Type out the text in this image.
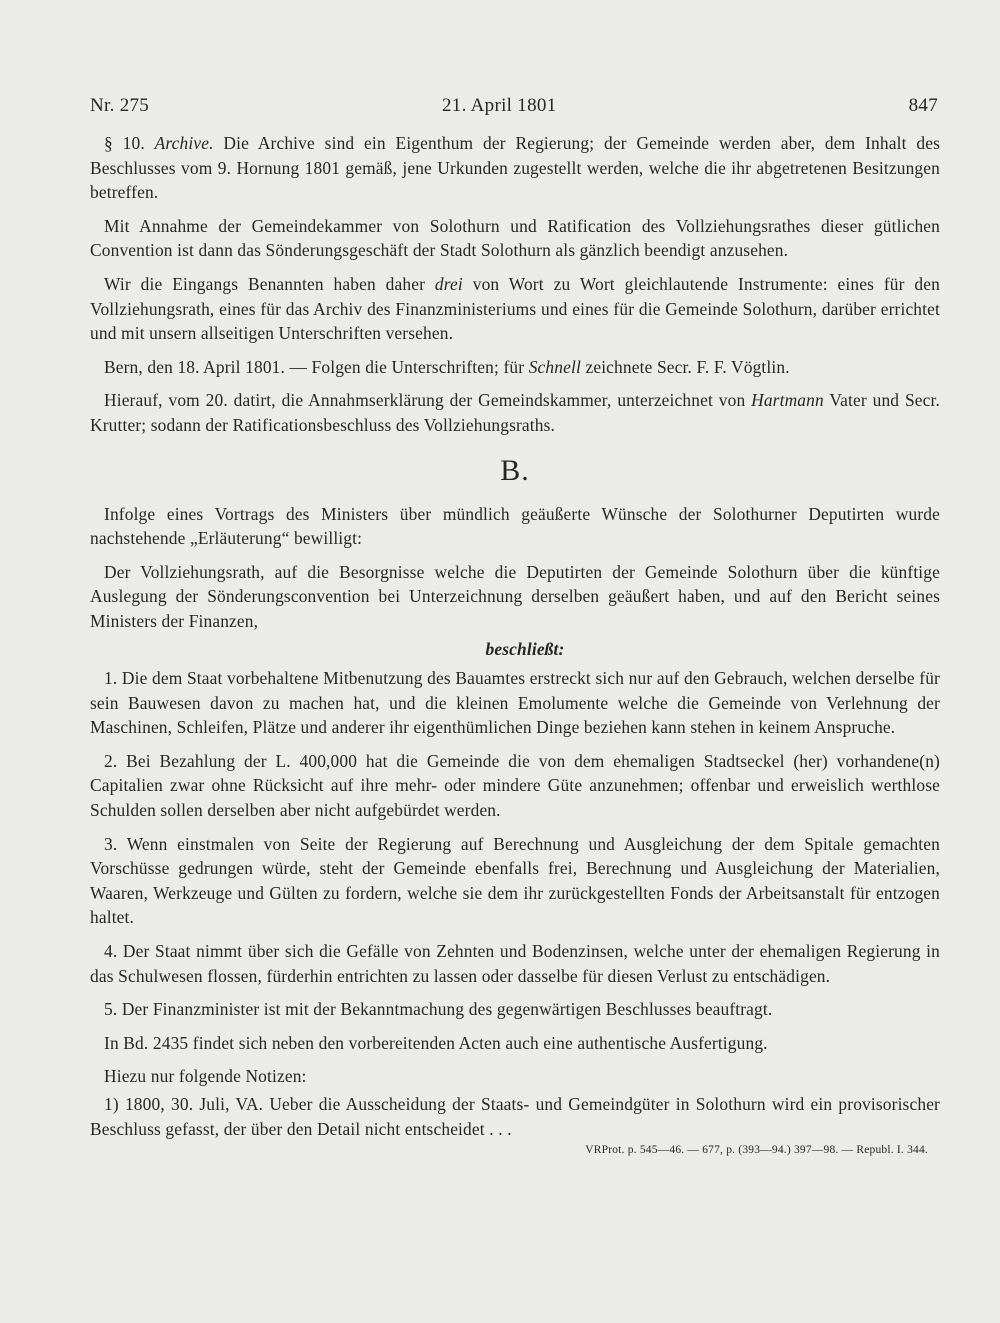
Nr. 275	21. April 1801	847

§ 10. Archive. Die Archive sind ein Eigenthum der Regierung; der Gemeinde werden aber, dem Inhalt des Beschlusses vom 9. Hornung 1801 gemäß, jene Urkunden zugestellt werden, welche die ihr abgetretenen Besitzungen betreffen.

Mit Annahme der Gemeindekammer von Solothurn und Ratification des Vollziehungsrathes dieser gütlichen Convention ist dann das Sönderungsgeschäft der Stadt Solothurn als gänzlich beendigt anzusehen.

Wir die Eingangs Benannten haben daher drei von Wort zu Wort gleichlautende Instrumente: eines für den Vollziehungsrath, eines für das Archiv des Finanzministeriums und eines für die Gemeinde Solothurn, darüber errichtet und mit unsern allseitigen Unterschriften versehen.

Bern, den 18. April 1801. — Folgen die Unterschriften; für Schnell zeichnete Secr. F. F. Vögtlin.

Hierauf, vom 20. datirt, die Annahmserklärung der Gemeindskammer, unterzeichnet von Hartmann Vater und Secr. Krutter; sodann der Ratificationsbeschluss des Vollziehungsraths.

B.

Infolge eines Vortrags des Ministers über mündlich geäußerte Wünsche der Solothurner Deputirten wurde nachstehende „Erläuterung“ bewilligt:

Der Vollziehungsrath, auf die Besorgnisse welche die Deputirten der Gemeinde Solothurn über die künftige Auslegung der Sönderungsconvention bei Unterzeichnung derselben geäußert haben, und auf den Bericht seines Ministers der Finanzen,

beschließt:

1. Die dem Staat vorbehaltene Mitbenutzung des Bauamtes erstreckt sich nur auf den Gebrauch, welchen derselbe für sein Bauwesen davon zu machen hat, und die kleinen Emolumente welche die Gemeinde von Verlehnung der Maschinen, Schleifen, Plätze und anderer ihr eigenthümlichen Dinge beziehen kann stehen in keinem Anspruche.

2. Bei Bezahlung der L. 400,000 hat die Gemeinde die von dem ehemaligen Stadtseckel (her) vorhandene(n) Capitalien zwar ohne Rücksicht auf ihre mehr- oder mindere Güte anzunehmen; offenbar und erweislich werthlose Schulden sollen derselben aber nicht aufgebürdet werden.

3. Wenn einstmalen von Seite der Regierung auf Berechnung und Ausgleichung der dem Spitale gemachten Vorschüsse gedrungen würde, steht der Gemeinde ebenfalls frei, Berechnung und Ausgleichung der Materialien, Waaren, Werkzeuge und Gülten zu fordern, welche sie dem ihr zurückgestellten Fonds der Arbeitsanstalt für entzogen haltet.

4. Der Staat nimmt über sich die Gefälle von Zehnten und Bodenzinsen, welche unter der ehemaligen Regierung in das Schulwesen flossen, fürderhin entrichten zu lassen oder dasselbe für diesen Verlust zu entschädigen.

5. Der Finanzminister ist mit der Bekanntmachung des gegenwärtigen Beschlusses beauftragt.

In Bd. 2435 findet sich neben den vorbereitenden Acten auch eine authentische Ausfertigung.

Hiezu nur folgende Notizen:

1) 1800, 30. Juli, VA. Ueber die Ausscheidung der Staats- und Gemeindgüter in Solothurn wird ein provisorischer Beschluss gefasst, der über den Detail nicht entscheidet . . .

VRProt. p. 545—46. — 677, p. (393—94.) 397—98. — Republ. I. 344.
